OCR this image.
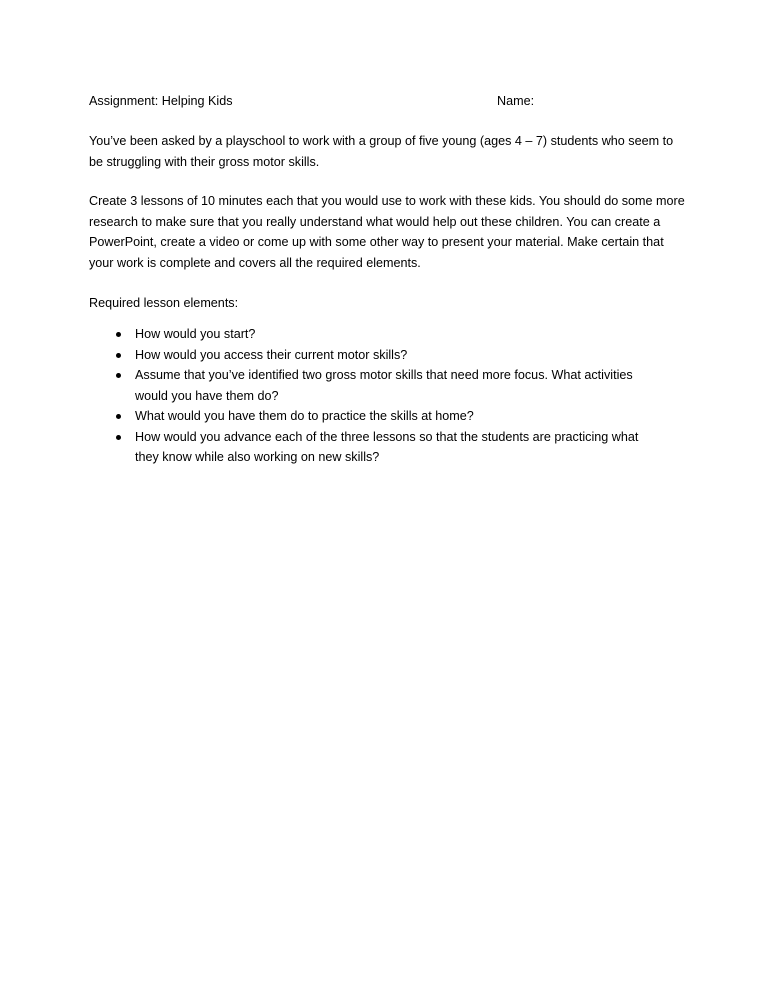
Assignment: Helping Kids	Name:

You’ve been asked by a playschool to work with a group of five young (ages 4 – 7) students who seem to be struggling with their gross motor skills.

Create 3 lessons of 10 minutes each that you would use to work with these kids. You should do some more research to make sure that you really understand what would help out these children. You can create a PowerPoint, create a video or come up with some other way to present your material. Make certain that your work is complete and covers all the required elements.

Required lesson elements:

How would you start?
How would you access their current motor skills?
Assume that you’ve identified two gross motor skills that need more focus. What activities would you have them do?
What would you have them do to practice the skills at home?
How would you advance each of the three lessons so that the students are practicing what they know while also working on new skills?
